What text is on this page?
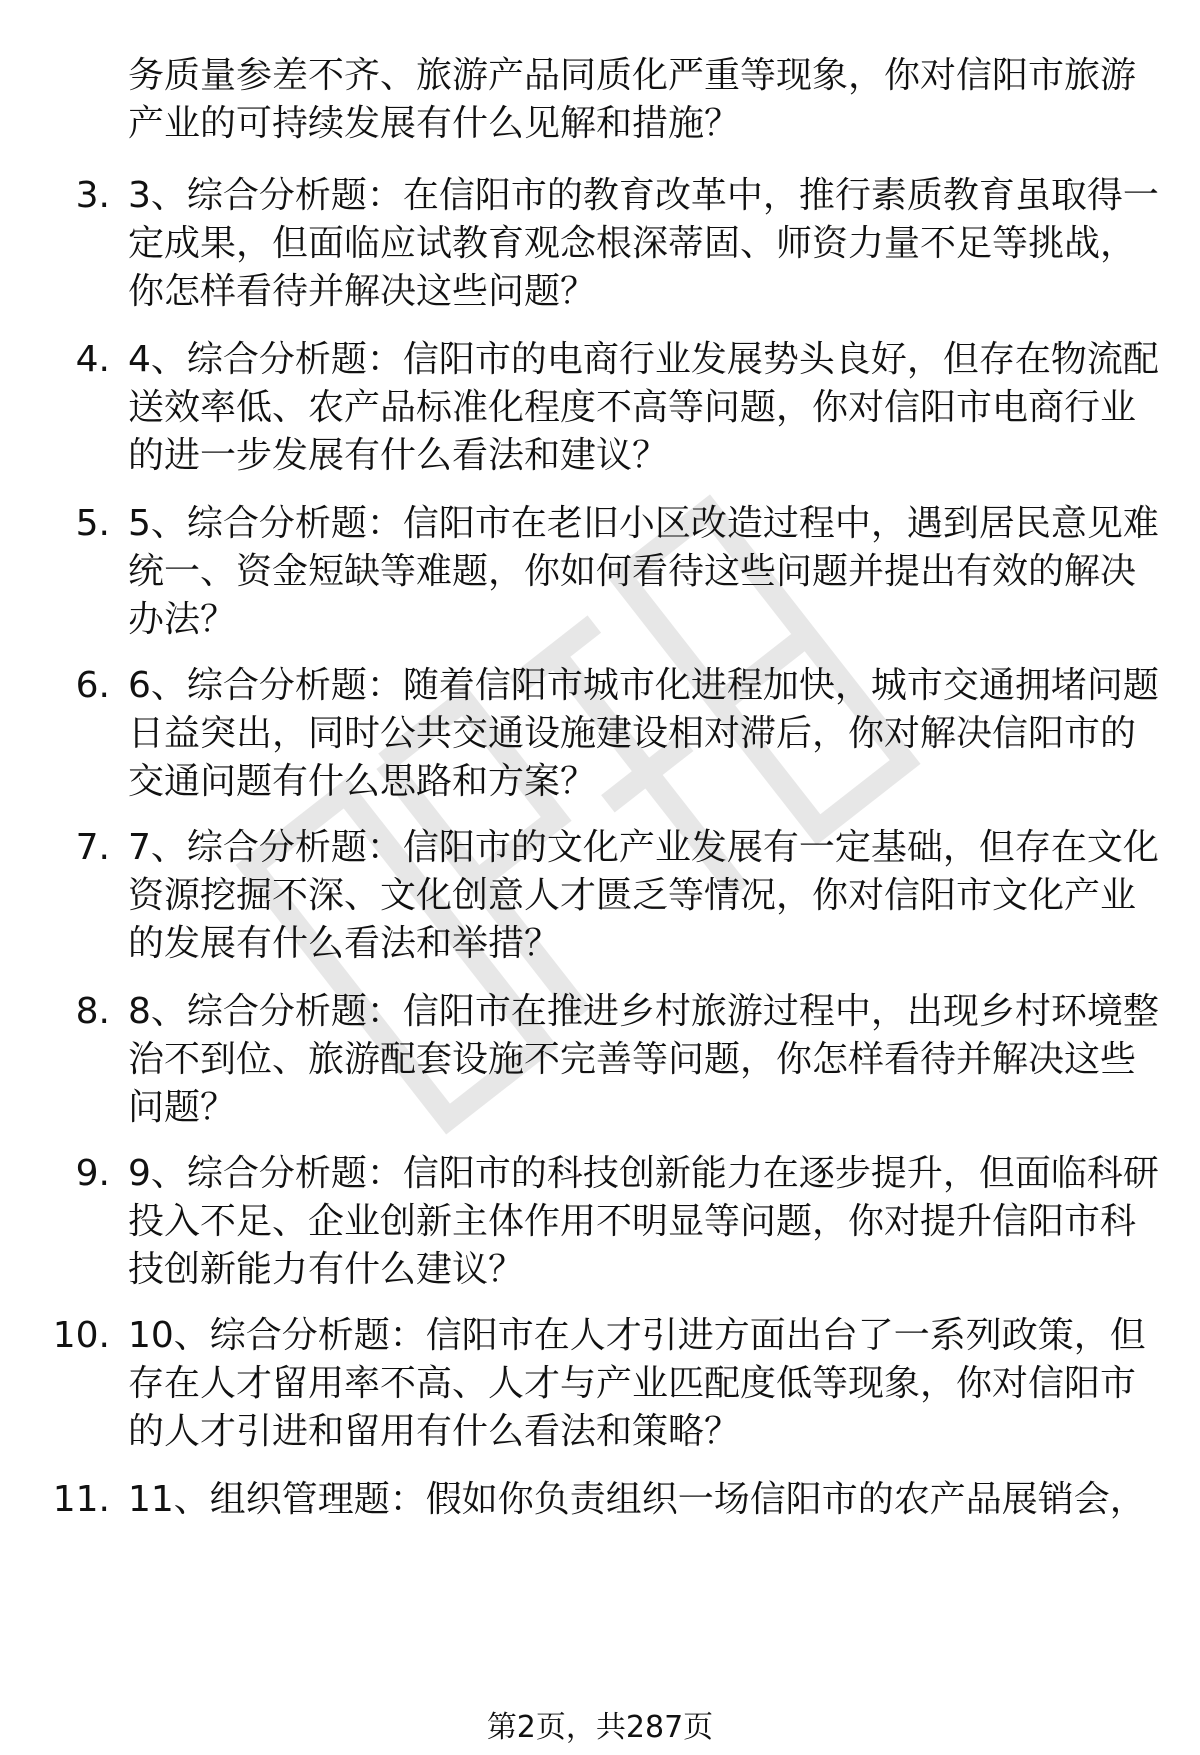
务质量参差不齐、旅游产品同质化严重等现象，你对信阳市旅游
产业的可持续发展有什么见解和措施？
3. 3、综合分析题：在信阳市的教育改革中，推行素质教育虽取得一
定成果，但面临应试教育观念根深蒂固、师资力量不足等挑战，
你怎样看待并解决这些问题？
4. 4、综合分析题：信阳市的电商行业发展势头良好，但存在物流配
送效率低、农产品标准化程度不高等问题，你对信阳市电商行业
的进一步发展有什么看法和建议？
5. 5、综合分析题：信阳市在老旧小区改造过程中，遇到居民意见难
统一、资金短缺等难题，你如何看待这些问题并提出有效的解决
办法？
6. 6、综合分析题：随着信阳市城市化进程加快，城市交通拥堵问题
日益突出，同时公共交通设施建设相对滞后，你对解决信阳市的
交通问题有什么思路和方案？
7. 7、综合分析题：信阳市的文化产业发展有一定基础，但存在文化
资源挖掘不深、文化创意人才匮乏等情况，你对信阳市文化产业
的发展有什么看法和举措？
8. 8、综合分析题：信阳市在推进乡村旅游过程中，出现乡村环境整
治不到位、旅游配套设施不完善等问题，你怎样看待并解决这些
问题？
9. 9、综合分析题：信阳市的科技创新能力在逐步提升，但面临科研
投入不足、企业创新主体作用不明显等问题，你对提升信阳市科
技创新能力有什么建议？
10. 10、综合分析题：信阳市在人才引进方面出台了一系列政策，但
存在人才留用率不高、人才与产业匹配度低等现象，你对信阳市
的人才引进和留用有什么看法和策略？
11. 11、组织管理题：假如你负责组织一场信阳市的农产品展销会，
第2页，共287页
